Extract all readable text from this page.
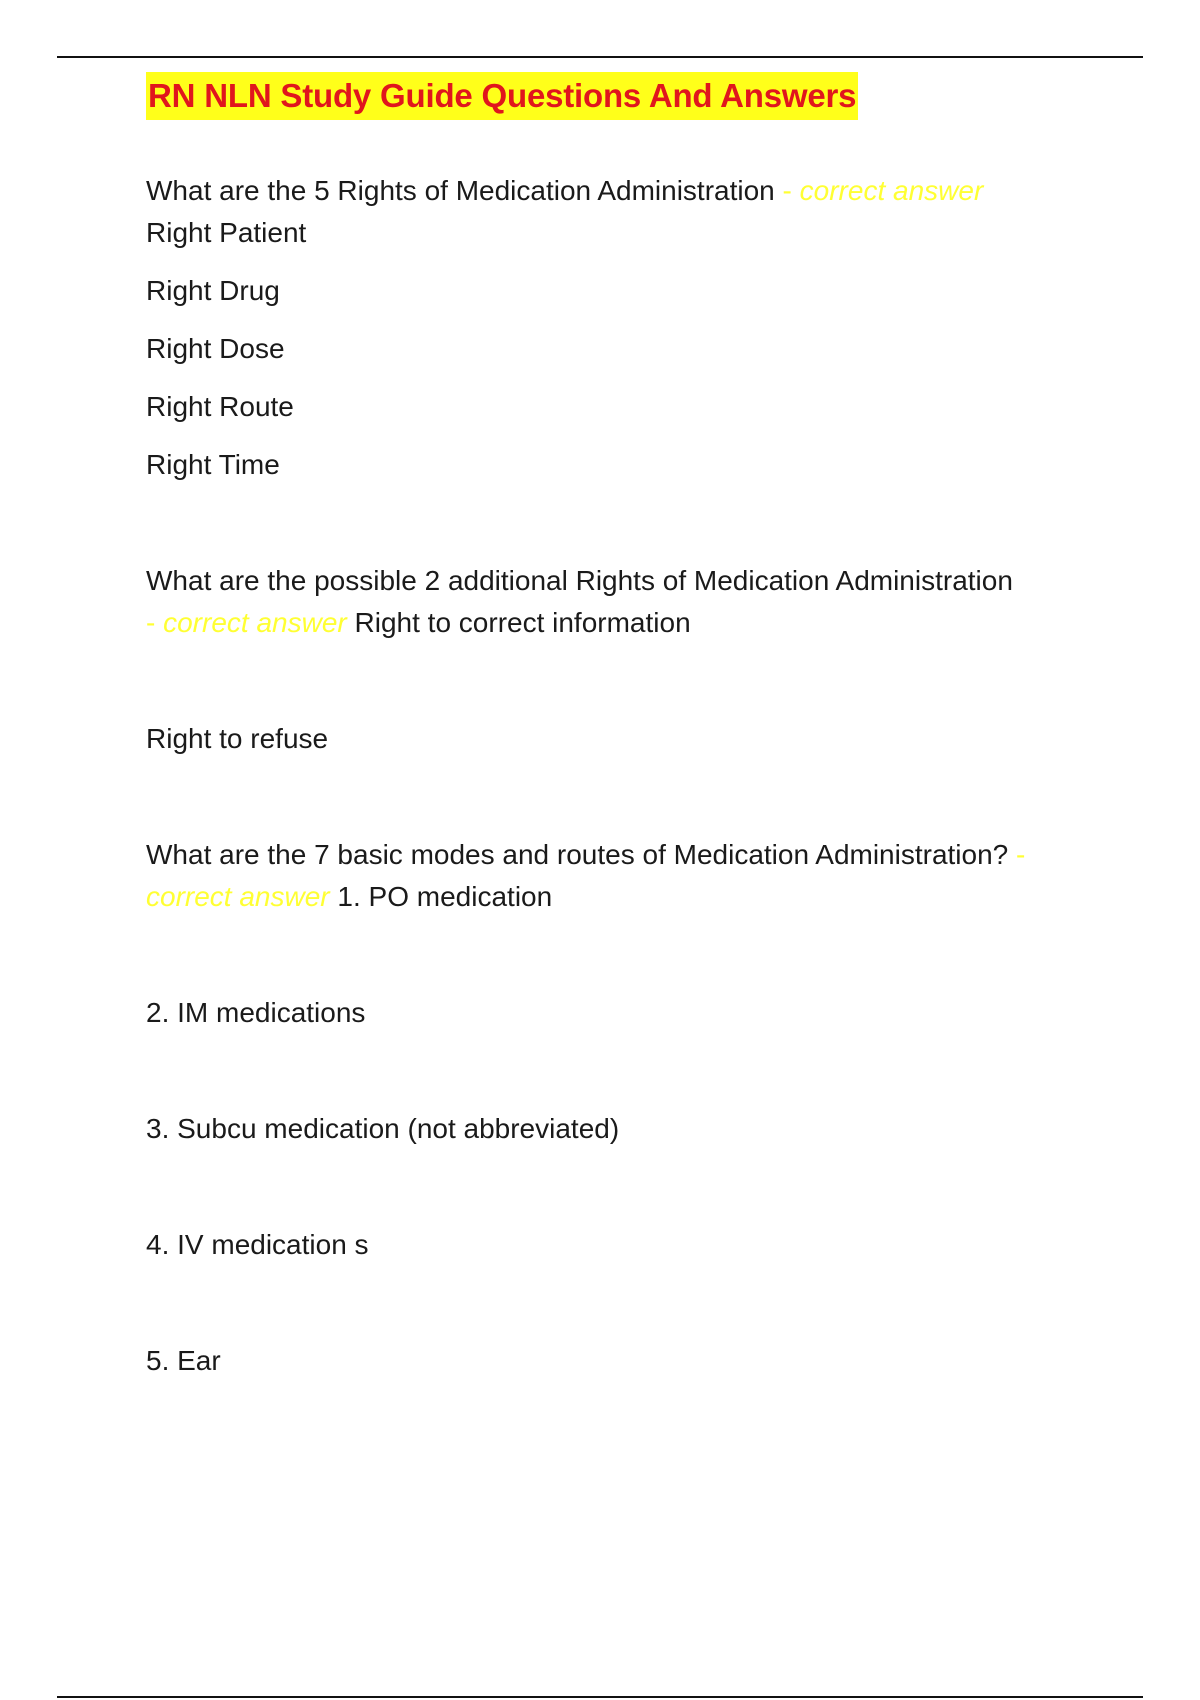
RN NLN Study Guide Questions And Answers

What are the 5 Rights of Medication Administration - correct answer

Right Patient

Right Drug

Right Dose

Right Route

Right Time

What are the possible 2 additional Rights of Medication Administration

- correct answer Right to correct information

Right to refuse

What are the 7 basic modes and routes of Medication Administration? -

correct answer 1. PO medication

2. IM medications

3. Subcu medication (not abbreviated)

4. IV medication s

5. Ear
